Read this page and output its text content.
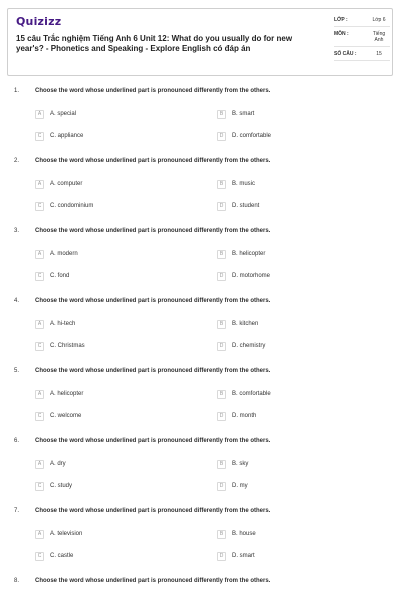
Quizizz
15 câu Trắc nghiệm Tiếng Anh 6 Unit 12: What do you usually do for new year's? - Phonetics and Speaking - Explore English có đáp án
LỚP :	Lớp 6
MÔN :	Tiếng Anh
SỐ CÂU :	15
1.	Choose the word whose underlined part is pronounced differently from the others.
A	A. special	B	B. smart
C	C. appliance	D	D. comfortable
2.	Choose the word whose underlined part is pronounced differently from the others.
A	A. computer	B	B. music
C	C. condominium	D	D. student
3.	Choose the word whose underlined part is pronounced differently from the others.
A	A. modern	B	B. helicopter
C	C. fond	D	D. motorhome
4.	Choose the word whose underlined part is pronounced differently from the others.
A	A. hi-tech	B	B. kitchen
C	C. Christmas	D	D. chemistry
5.	Choose the word whose underlined part is pronounced differently from the others.
A	A. helicopter	B	B. comfortable
C	C. welcome	D	D. month
6.	Choose the word whose underlined part is pronounced differently from the others.
A	A. dry	B	B. sky
C	C. study	D	D. my
7.	Choose the word whose underlined part is pronounced differently from the others.
A	A. television	B	B. house
C	C. castle	D	D. smart
8.	Choose the word whose underlined part is pronounced differently from the others.
